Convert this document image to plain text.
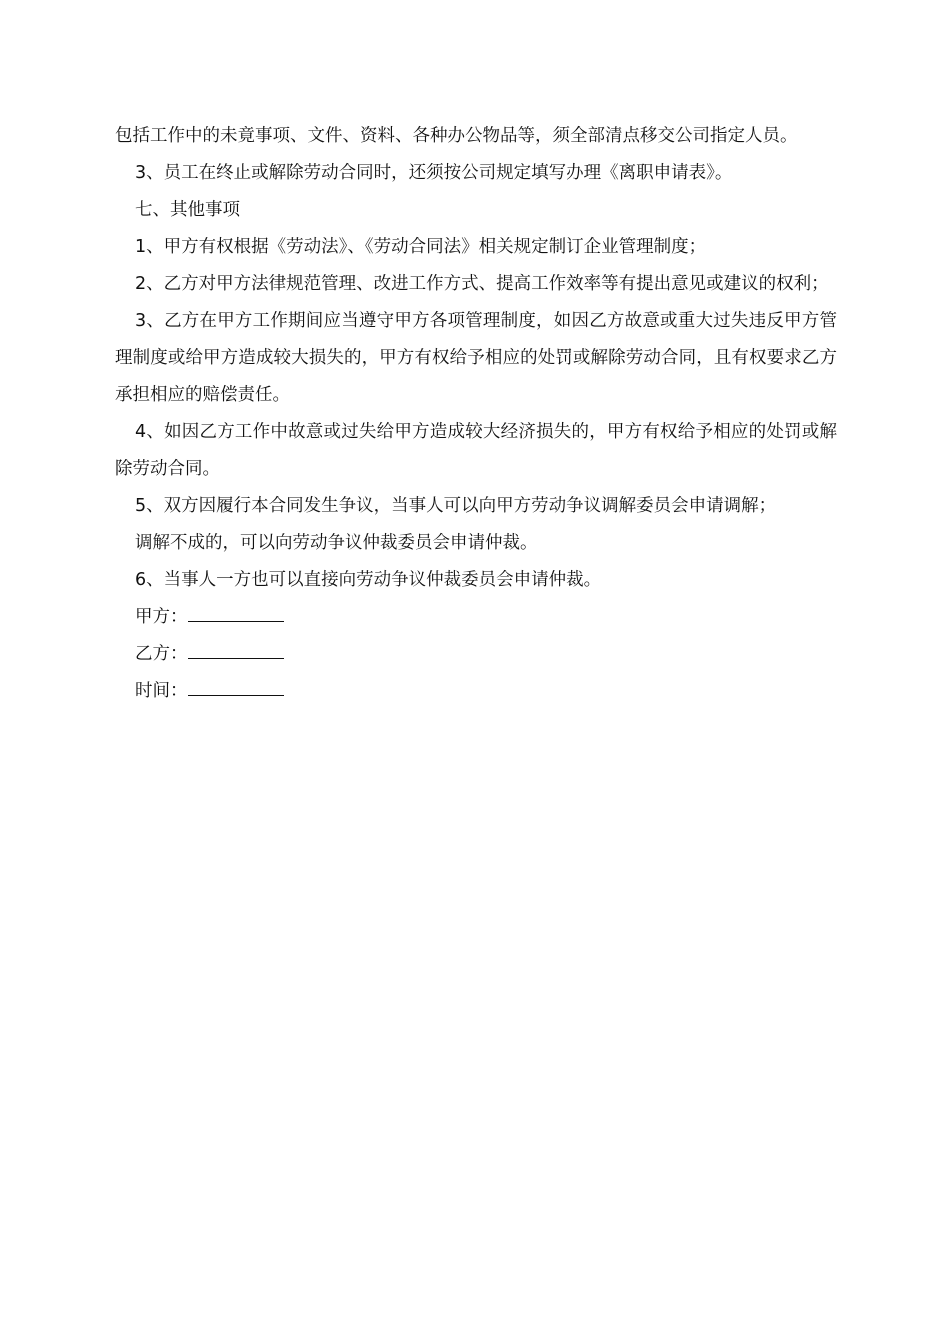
包括工作中的未竟事项、文件、资料、各种办公物品等，须全部清点移交公司指定人员。

3、员工在终止或解除劳动合同时，还须按公司规定填写办理《离职申请表》。

七、其他事项

1、甲方有权根据《劳动法》、《劳动合同法》相关规定制订企业管理制度；

2、乙方对甲方法律规范管理、改进工作方式、提高工作效率等有提出意见或建议的权利；

3、乙方在甲方工作期间应当遵守甲方各项管理制度，如因乙方故意或重大过失违反甲方管理制度或给甲方造成较大损失的，甲方有权给予相应的处罚或解除劳动合同，且有权要求乙方承担相应的赔偿责任。

4、如因乙方工作中故意或过失给甲方造成较大经济损失的，甲方有权给予相应的处罚或解除劳动合同。

5、双方因履行本合同发生争议，当事人可以向甲方劳动争议调解委员会申请调解；

调解不成的，可以向劳动争议仲裁委员会申请仲裁。

6、当事人一方也可以直接向劳动争议仲裁委员会申请仲裁。

甲方：
乙方：
时间：
